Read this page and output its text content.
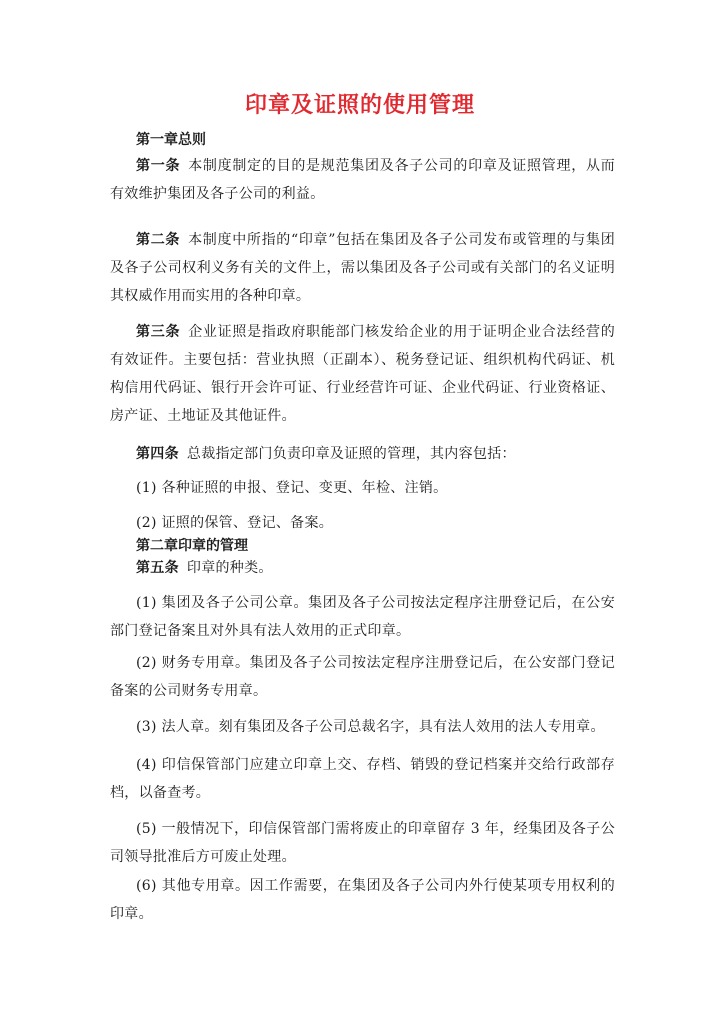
印章及证照的使用管理
第一章总则
第一条 本制度制定的目的是规范集团及各子公司的印章及证照管理，从而有效维护集团及各子公司的利益。
第二条 本制度中所指的“印章”包括在集团及各子公司发布或管理的与集团及各子公司权利义务有关的文件上，需以集团及各子公司或有关部门的名义证明其权威作用而实用的各种印章。
第三条 企业证照是指政府职能部门核发给企业的用于证明企业合法经营的有效证件。主要包括：营业执照（正副本）、税务登记证、组织机构代码证、机构信用代码证、银行开会许可证、行业经营许可证、企业代码证、行业资格证、房产证、土地证及其他证件。
第四条 总裁指定部门负责印章及证照的管理，其内容包括：
(1) 各种证照的申报、登记、变更、年检、注销。
(2) 证照的保管、登记、备案。
第二章印章的管理
第五条 印章的种类。
(1) 集团及各子公司公章。集团及各子公司按法定程序注册登记后，在公安部门登记备案且对外具有法人效用的正式印章。
(2) 财务专用章。集团及各子公司按法定程序注册登记后，在公安部门登记备案的公司财务专用章。
(3) 法人章。刻有集团及各子公司总裁名字，具有法人效用的法人专用章。
(4) 印信保管部门应建立印章上交、存档、销毁的登记档案并交给行政部存档，以备查考。
(5) 一般情况下，印信保管部门需将废止的印章留存 3 年，经集团及各子公司领导批准后方可废止处理。
(6) 其他专用章。因工作需要，在集团及各子公司内外行使某项专用权利的印章。
